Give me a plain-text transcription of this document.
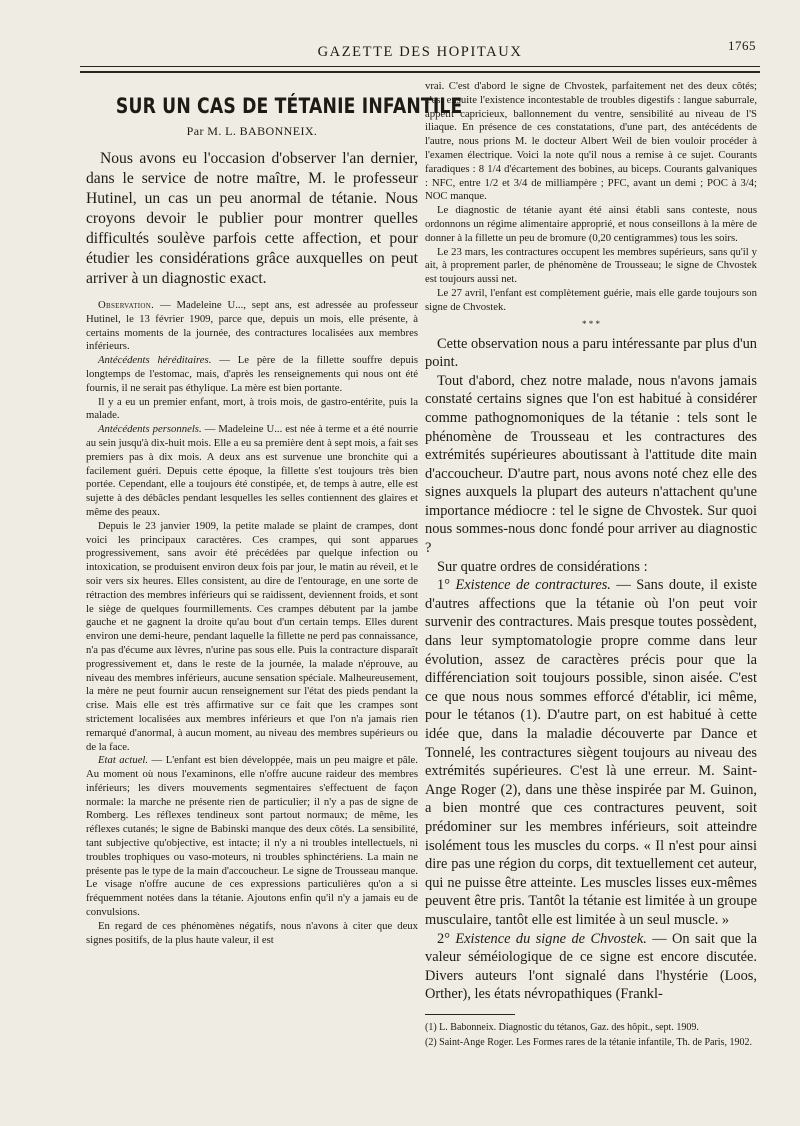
GAZETTE DES HOPITAUX	1765
SUR UN CAS DE TÉTANIE INFANTILE
Par M. L. BABONNEIX.

Nous avons eu l'occasion d'observer l'an dernier, dans le service de notre maître, M. le professeur Hutinel, un cas un peu anormal de tétanie. Nous croyons devoir le publier pour montrer quelles difficultés soulève parfois cette affection, et pour étudier les considérations grâce auxquelles on peut arriver à un diagnostic exact.

Observation. — Madeleine U..., sept ans, est adressée au professeur Hutinel, le 13 février 1909, parce que, depuis un mois, elle présente, à certains moments de la journée, des contractures localisées aux membres inférieurs.

Antécédents héréditaires. — Le père de la fillette souffre depuis longtemps de l'estomac, mais, d'après les renseignements qui nous ont été fournis, il ne serait pas éthylique. La mère est bien portante.

Il y a eu un premier enfant, mort, à trois mois, de gastro-entérite, puis la malade.

Antécédents personnels. — Madeleine U... est née à terme et a été nourrie au sein jusqu'à dix-huit mois. Elle a eu sa première dent à sept mois, a fait ses premiers pas à dix mois. A deux ans est survenue une bronchite qui a facilement guéri. Depuis cette époque, la fillette s'est toujours très bien portée. Cependant, elle a toujours été constipée, et, de temps à autre, elle est sujette à des débâcles pendant lesquelles les selles contiennent des glaires et même des peaux.

Depuis le 23 janvier 1909, la petite malade se plaint de crampes, dont voici les principaux caractères. Ces crampes, qui sont apparues progressivement, sans avoir été précédées par quelque infection ou intoxication, se produisent environ deux fois par jour, le matin au réveil, et le soir vers six heures. Elles consistent, au dire de l'entourage, en une sorte de rétraction des membres inférieurs qui se raidissent, deviennent froids, et sont le siège de quelques fourmillements. Ces crampes débutent par la jambe gauche et ne gagnent la droite qu'au bout d'un certain temps. Elles durent environ une demi-heure, pendant laquelle la fillette ne perd pas connaissance, n'a pas d'écume aux lèvres, n'urine pas sous elle. Puis la contracture disparaît progressivement et, dans le reste de la journée, la malade n'éprouve, au niveau des membres inférieurs, aucune sensation spéciale. Malheureusement, la mère ne peut fournir aucun renseignement sur l'état des pieds pendant la crise. Mais elle est très affirmative sur ce fait que les crampes sont strictement localisées aux membres inférieurs et que l'on n'a jamais rien remarqué d'anormal, à aucun moment, au niveau des membres supérieurs ou de la face.

Etat actuel. — L'enfant est bien développée, mais un peu maigre et pâle. Au moment où nous l'examinons, elle n'offre aucune raideur des membres inférieurs; les divers mouvements segmentaires s'effectuent de façon normale: la marche ne présente rien de particulier; il n'y a pas de signe de Romberg. Les réflexes tendineux sont partout normaux; de même, les réflexes cutanés; le signe de Babinski manque des deux côtés. La sensibilité, tant subjective qu'objective, est intacte; il n'y a ni troubles intellectuels, ni troubles trophiques ou vaso-moteurs, ni troubles sphinctériens. La main ne présente pas le type de la main d'accoucheur. Le signe de Trousseau manque. Le visage n'offre aucune de ces expressions particulières qu'on a si fréquemment notées dans la tétanie. Ajoutons enfin qu'il n'y a jamais eu de convulsions.

En regard de ces phénomènes négatifs, nous n'avons à citer que deux signes positifs, de la plus haute valeur, il est

vrai. C'est d'abord le signe de Chvostek, parfaitement net des deux côtés; c'est ensuite l'existence incontestable de troubles digestifs : langue saburrale, appétit capricieux, ballonnement du ventre, sensibilité au niveau de l'S iliaque. En présence de ces constatations, d'une part, des antécédents de l'autre, nous prions M. le docteur Albert Weil de bien vouloir procéder à l'examen électrique. Voici la note qu'il nous a remise à ce sujet. Courants faradiques : 8 1/4 d'écartement des bobines, au biceps. Courants galvaniques : NFC, entre 1/2 et 3/4 de milliampère ; PFC, avant un demi ; POC à 3/4; NOC manque.

Le diagnostic de tétanie ayant été ainsi établi sans conteste, nous ordonnons un régime alimentaire approprié, et nous conseillons à la mère de donner à la fillette un peu de bromure (0,20 centigrammes) tous les soirs.

Le 23 mars, les contractures occupent les membres supérieurs, sans qu'il y ait, à proprement parler, de phénomène de Trousseau; le signe de Chvostek est toujours aussi net.

Le 27 avril, l'enfant est complètement guérie, mais elle garde toujours son signe de Chvostek.

* * *

Cette observation nous a paru intéressante par plus d'un point.

Tout d'abord, chez notre malade, nous n'avons jamais constaté certains signes que l'on est habitué à considérer comme pathognomoniques de la tétanie : tels sont le phénomène de Trousseau et les contractures des extrémités supérieures aboutissant à l'attitude dite main d'accoucheur. D'autre part, nous avons noté chez elle des signes auxquels la plupart des auteurs n'attachent qu'une importance médiocre : tel le signe de Chvostek. Sur quoi nous sommes-nous donc fondé pour arriver au diagnostic ?

Sur quatre ordres de considérations :

1° Existence de contractures. — Sans doute, il existe d'autres affections que la tétanie où l'on peut voir survenir des contractures. Mais presque toutes possèdent, dans leur symptomatologie propre comme dans leur évolution, assez de caractères précis pour que la différenciation soit toujours possible, sinon aisée. C'est ce que nous nous sommes efforcé d'établir, ici même, pour le tétanos (1). D'autre part, on est habitué à cette idée que, dans la maladie découverte par Dance et Tonnelé, les contractures siègent toujours au niveau des extrémités supérieures. C'est là une erreur. M. Saint-Ange Roger (2), dans une thèse inspirée par M. Guinon, a bien montré que ces contractures peuvent, soit prédominer sur les membres inférieurs, soit atteindre isolément tous les muscles du corps. « Il n'est pour ainsi dire pas une région du corps, dit textuellement cet auteur, qui ne puisse être atteinte. Les muscles lisses eux-mêmes peuvent être pris. Tantôt la tétanie est limitée à un groupe musculaire, tantôt elle est limitée à un seul muscle. »

2° Existence du signe de Chvostek. — On sait que la valeur séméiologique de ce signe est encore discutée. Divers auteurs l'ont signalé dans l'hystérie (Loos, Orther), les états névropathiques (Frankl-

(1) L. Babonneix. Diagnostic du tétanos, Gaz. des hôpit., sept. 1909.

(2) Saint-Ange Roger. Les Formes rares de la tétanie infantile, Th. de Paris, 1902.
